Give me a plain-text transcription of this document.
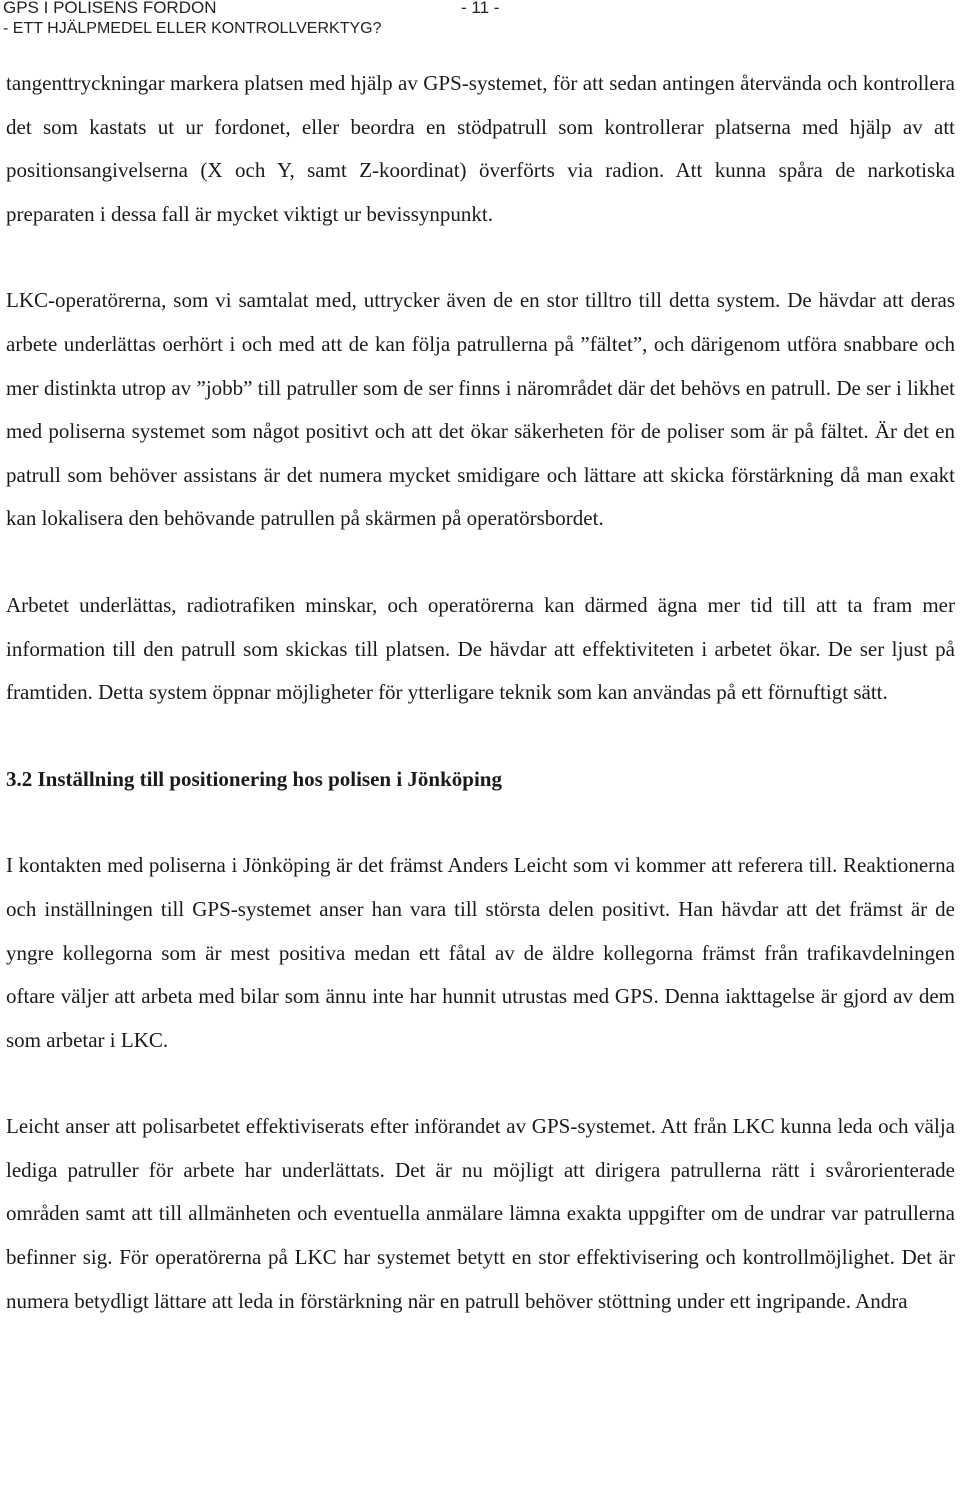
GPS I POLISENS FORDON	- 11 -
- ETT HJÄLPMEDEL ELLER KONTROLLVERKTYG?

tangenttryckningar markera platsen med hjälp av GPS-systemet, för att sedan antingen återvända och kontrollera det som kastats ut ur fordonet, eller beordra en stödpatrull som kontrollerar platserna med hjälp av att positionsangivelserna (X och Y, samt Z-koordinat) överförts via radion. Att kunna spåra de narkotiska preparaten i dessa fall är mycket viktigt ur bevissynpunkt.

LKC-operatörerna, som vi samtalat med, uttrycker även de en stor tilltro till detta system. De hävdar att deras arbete underlättas oerhört i och med att de kan följa patrullerna på ”fältet”, och därigenom utföra snabbare och mer distinkta utrop av ”jobb” till patruller som de ser finns i närområdet där det behövs en patrull. De ser i likhet med poliserna systemet som något positivt och att det ökar säkerheten för de poliser som är på fältet. Är det en patrull som behöver assistans är det numera mycket smidigare och lättare att skicka förstärkning då man exakt kan lokalisera den behövande patrullen på skärmen på operatörsbordet.

Arbetet underlättas, radiotrafiken minskar, och operatörerna kan därmed ägna mer tid till att ta fram mer information till den patrull som skickas till platsen. De hävdar att effektiviteten i arbetet ökar. De ser ljust på framtiden. Detta system öppnar möjligheter för ytterligare teknik som kan användas på ett förnuftigt sätt.

3.2 Inställning till positionering hos polisen i Jönköping

I kontakten med poliserna i Jönköping är det främst Anders Leicht som vi kommer att referera till. Reaktionerna och inställningen till GPS-systemet anser han vara till största delen positivt. Han hävdar att det främst är de yngre kollegorna som är mest positiva medan ett fåtal av de äldre kollegorna främst från trafikavdelningen oftare väljer att arbeta med bilar som ännu inte har hunnit utrustas med GPS. Denna iakttagelse är gjord av dem som arbetar i LKC.

Leicht anser att polisarbetet effektiviserats efter införandet av GPS-systemet. Att från LKC kunna leda och välja lediga patruller för arbete har underlättats. Det är nu möjligt att dirigera patrullerna rätt i svårorienterade områden samt att till allmänheten och eventuella anmälare lämna exakta uppgifter om de undrar var patrullerna befinner sig. För operatörerna på LKC har systemet betytt en stor effektivisering och kontrollmöjlighet. Det är numera betydligt lättare att leda in förstärkning när en patrull behöver stöttning under ett ingripande. Andra
